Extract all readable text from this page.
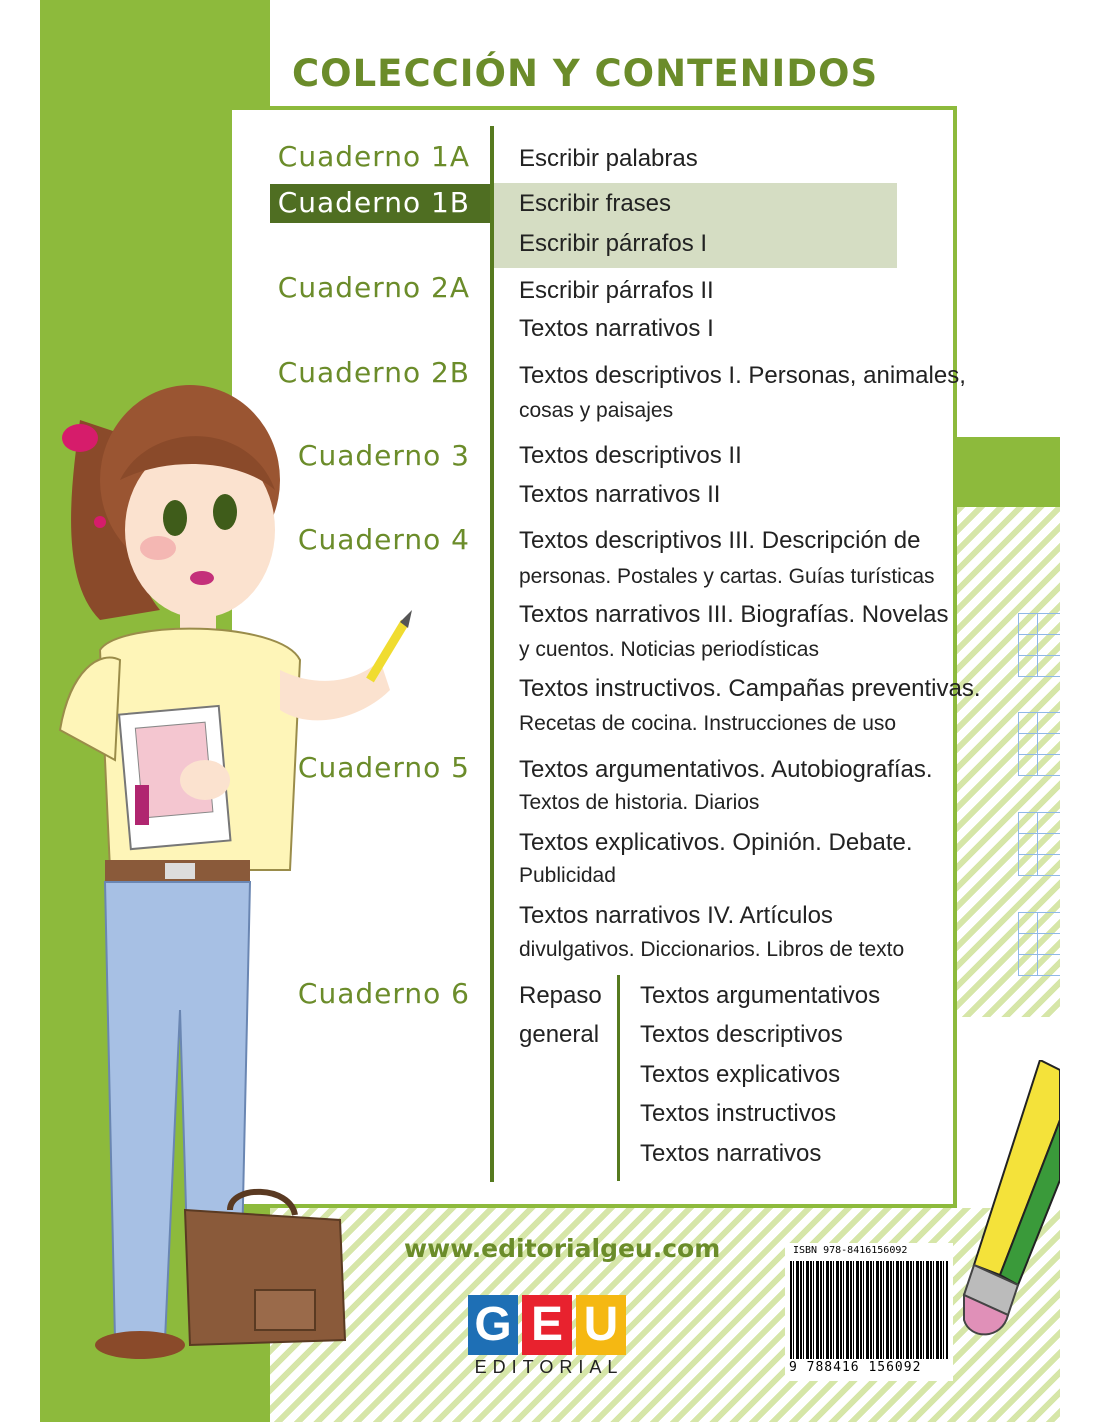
COLECCIÓN Y CONTENIDOS
Cuaderno 1A
Cuaderno 1B
Cuaderno 2A
Cuaderno 2B
Cuaderno 3
Cuaderno 4
Cuaderno 5
Cuaderno 6
Escribir palabras
Escribir frases
Escribir párrafos I
Escribir párrafos II
Textos narrativos I
Textos descriptivos I. Personas, animales,
cosas y paisajes
Textos descriptivos II
Textos narrativos II
Textos descriptivos III. Descripción de
personas. Postales y cartas. Guías turísticas
Textos narrativos III. Biografías. Novelas
y cuentos. Noticias periodísticas
Textos instructivos. Campañas preventivas.
Recetas de cocina. Instrucciones de uso
Textos argumentativos. Autobiografías.
Textos de historia. Diarios
Textos explicativos. Opinión. Debate.
Publicidad
Textos narrativos IV. Artículos
divulgativos. Diccionarios. Libros de texto
Repaso
general
Textos argumentativos
Textos descriptivos
Textos explicativos
Textos instructivos
Textos narrativos
www.editorialgeu.com
G E U
EDITORIAL
ISBN 978-8416156092
9 788416 156092
